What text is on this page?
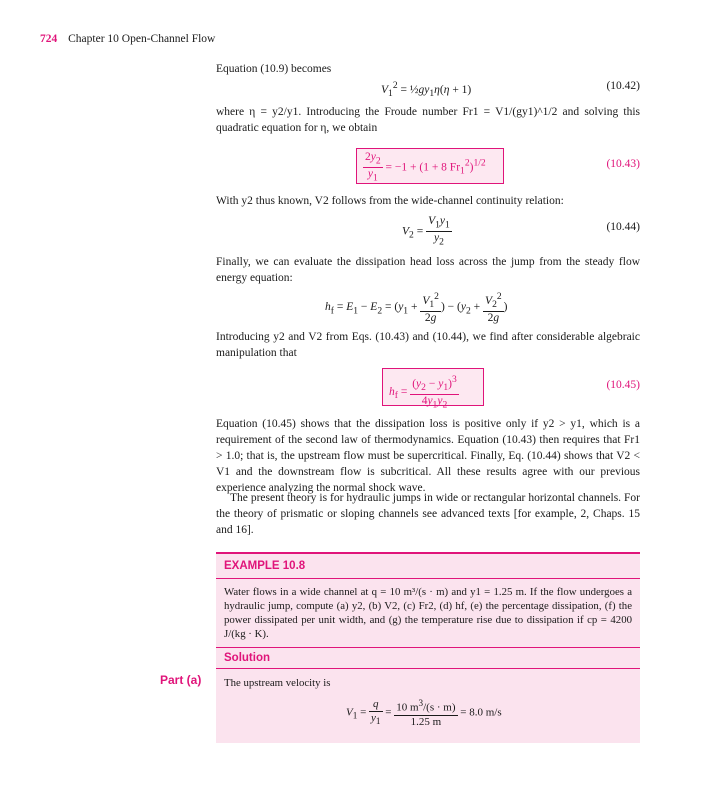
724 Chapter 10 Open-Channel Flow

Equation (10.9) becomes

$V_1^2$ = $\frac{1}{2}gy_1\eta(\eta + 1)$	(10.42)

where η = y2/y1. Introducing the Froude number Fr1 = V1/(gy1)^1/2 and solving this quadratic equation for η, we obtain

$\frac{2y_2}{y_1} = -1 + (1 + 8$ $Fr_1^2)^{1/2}$	(10.43)

With y2 thus known, V2 follows from the wide-channel continuity relation:

$V_2 = \frac{V_1y_1}{y_2}$	(10.44)

Finally, we can evaluate the dissipation head loss across the jump from the steady flow energy equation:

$h_f = E_1 - E_2 = (y_1 + \frac{V_1^2}{2g}$ ) − ($y_2 + \frac{V_2^2}{2g}$ )

Introducing y2 and V2 from Eqs. (10.43) and (10.44), we find after considerable algebraic manipulation that

$h_f = \frac{(y_2 - y_1)^3}{4y_1y_2}$	(10.45)

Equation (10.45) shows that the dissipation loss is positive only if y2 > y1, which is a requirement of the second law of thermodynamics. Equation (10.43) then requires that Fr1 > 1.0; that is, the upstream flow must be supercritical. Finally, Eq. (10.44) shows that V2 < V1 and the downstream flow is subcritical. All these results agree with our previous experience analyzing the normal shock wave.

The present theory is for hydraulic jumps in wide or rectangular horizontal channels. For the theory of prismatic or sloping channels see advanced texts [for example, 2, Chaps. 15 and 16].

EXAMPLE 10.8
Water flows in a wide channel at q = 10 m³/(s · m) and y1 = 1.25 m. If the flow undergoes a hydraulic jump, compute (a) y2, (b) V2, (c) Fr2, (d) hf, (e) the percentage dissipation, (f) the power dissipated per unit width, and (g) the temperature rise due to dissipation if cp = 4200 J/(kg · K).
Solution
Part (a) The upstream velocity is
$V_1 = \frac{q}{y_1} = \frac{10 m^3/(s \cdot m)}{1.25 m} = 8.0$ m/s
